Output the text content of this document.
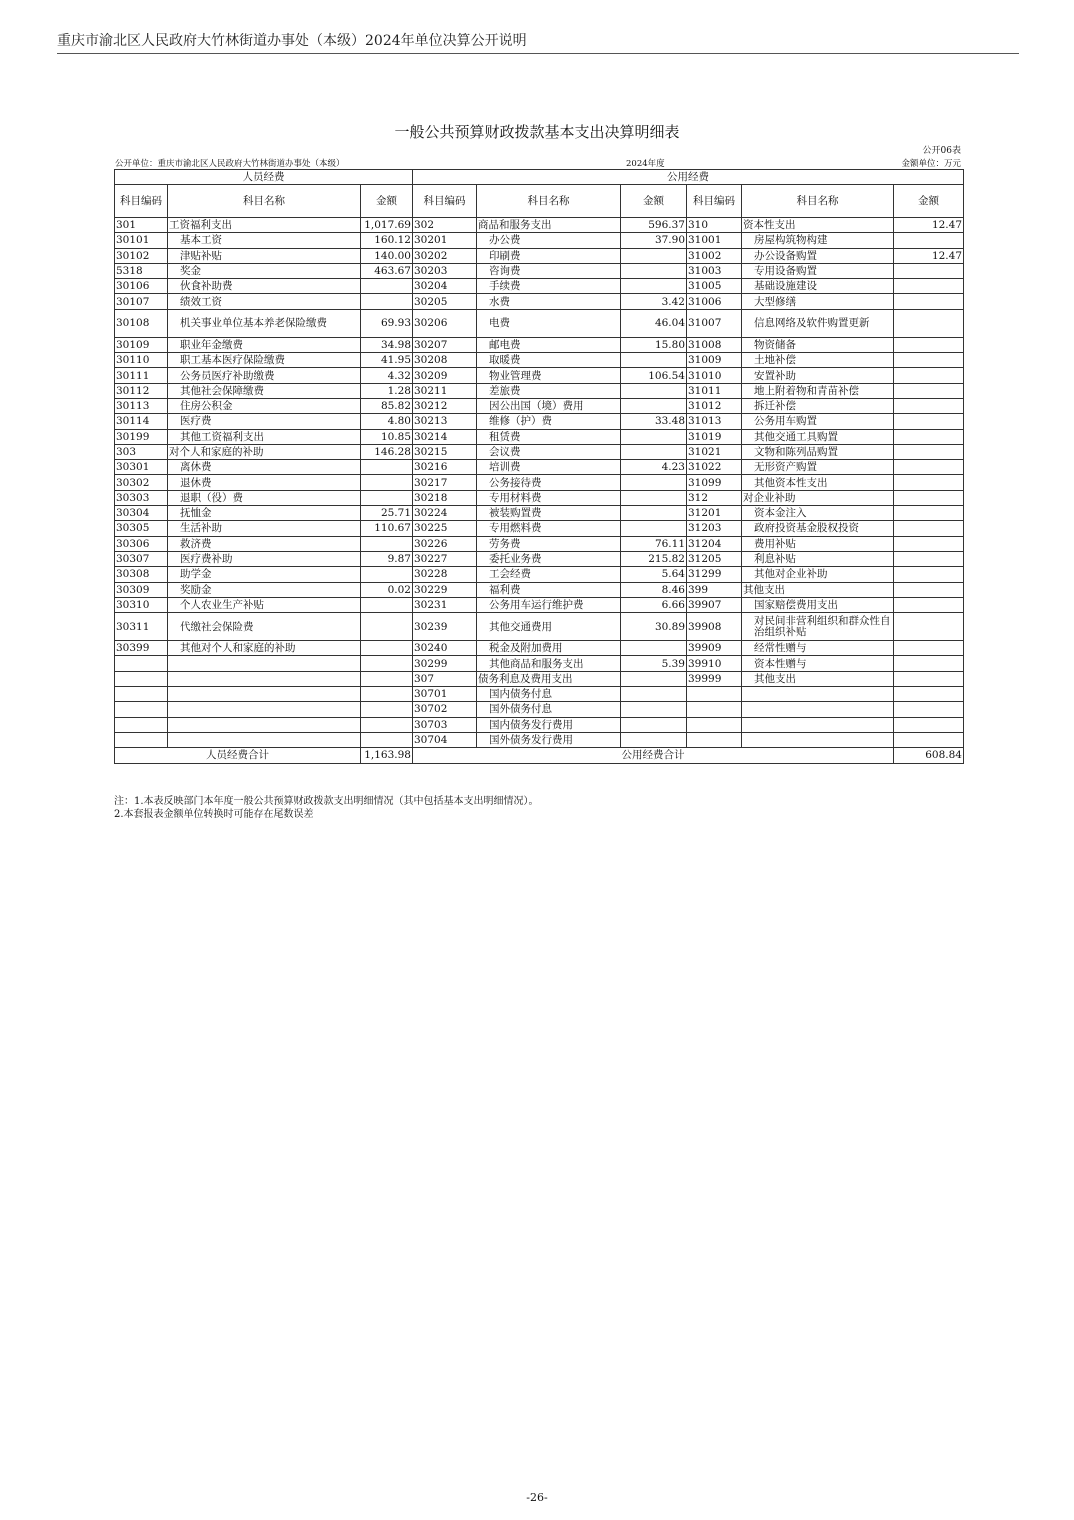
重庆市渝北区人民政府大竹林街道办事处（本级）2024年单位决算公开说明
一般公共预算财政拨款基本支出决算明细表
公开06表
公开单位：重庆市渝北区人民政府大竹林街道办事处（本级）	2024年度	金额单位：万元
人员经费			公用经费					
科目编码	科目名称	金额	科目编码	科目名称	金额	科目编码	科目名称	金额
301	工资福利支出	1,017.69	302	商品和服务支出	596.37	310	资本性支出	12.47
30101	基本工资	160.12	30201	办公费	37.90	31001	房屋构筑物构建	
30102	津贴补贴	140.00	30202	印刷费		31002	办公设备购置	12.47
5318	奖金	463.67	30203	咨询费		31003	专用设备购置	
30106	伙食补助费		30204	手续费		31005	基础设施建设	
30107	绩效工资		30205	水费	3.42	31006	大型修缮	
30108	机关事业单位基本养老保险缴费	69.93	30206	电费	46.04	31007	信息网络及软件购置更新	
30109	职业年金缴费	34.98	30207	邮电费	15.80	31008	物资储备	
30110	职工基本医疗保险缴费	41.95	30208	取暖费		31009	土地补偿	
30111	公务员医疗补助缴费	4.32	30209	物业管理费	106.54	31010	安置补助	
30112	其他社会保障缴费	1.28	30211	差旅费		31011	地上附着物和青苗补偿	
30113	住房公积金	85.82	30212	因公出国（境）费用		31012	拆迁补偿	
30114	医疗费	4.80	30213	维修（护）费	33.48	31013	公务用车购置	
30199	其他工资福利支出	10.85	30214	租赁费		31019	其他交通工具购置	
303	对个人和家庭的补助	146.28	30215	会议费		31021	文物和陈列品购置	
30301	离休费		30216	培训费	4.23	31022	无形资产购置	
30302	退休费		30217	公务接待费		31099	其他资本性支出	
30303	退职（役）费		30218	专用材料费		312	对企业补助	
30304	抚恤金	25.71	30224	被装购置费		31201	资本金注入	
30305	生活补助	110.67	30225	专用燃料费		31203	政府投资基金股权投资	
30306	救济费		30226	劳务费	76.11	31204	费用补贴	
30307	医疗费补助	9.87	30227	委托业务费	215.82	31205	利息补贴	
30308	助学金		30228	工会经费	5.64	31299	其他对企业补助	
30309	奖励金	0.02	30229	福利费	8.46	399	其他支出	
30310	个人农业生产补贴		30231	公务用车运行维护费	6.66	39907	国家赔偿费用支出	
30311	代缴社会保险费		30239	其他交通费用	30.89	39908	对民间非营利组织和群众性自治组织补贴	
30399	其他对个人和家庭的补助		30240	税金及附加费用		39909	经常性赠与	
			30299	其他商品和服务支出	5.39	39910	资本性赠与	
			307	债务利息及费用支出		39999	其他支出	
			30701	国内债务付息				
			30702	国外债务付息				
			30703	国内债务发行费用				
			30704	国外债务发行费用				
人员经费合计		1,163.98	公用经费合计					608.84
注：1.本表反映部门本年度一般公共预算财政拨款支出明细情况（其中包括基本支出明细情况）。
2.本套报表金额单位转换时可能存在尾数误差
-26-
